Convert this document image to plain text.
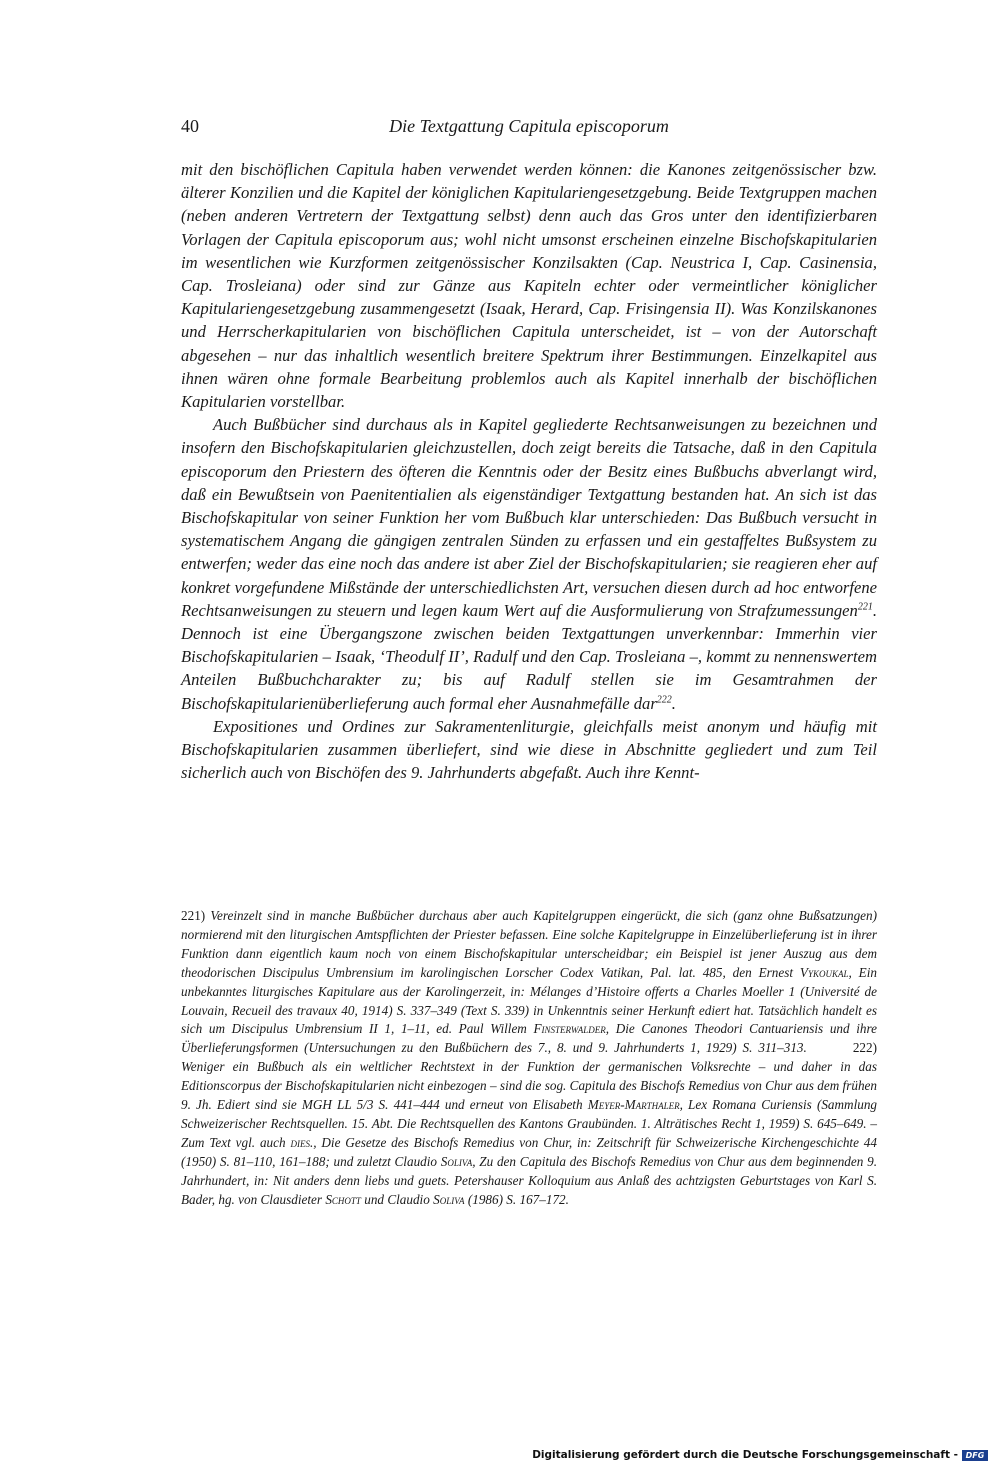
40	Die Textgattung Capitula episcoporum

mit den bischöflichen Capitula haben verwendet werden können: die Kanones zeitgenössischer bzw. älterer Konzilien und die Kapitel der königlichen Kapitulariengesetzgebung. Beide Textgruppen machen (neben anderen Vertretern der Textgattung selbst) denn auch das Gros unter den identifizierbaren Vorlagen der Capitula episcoporum aus; wohl nicht umsonst erscheinen einzelne Bischofskapitularien im wesentlichen wie Kurzformen zeitgenössischer Konzilsakten (Cap. Neustrica I, Cap. Casinensia, Cap. Trosleiana) oder sind zur Gänze aus Kapiteln echter oder vermeintlicher königlicher Kapitulariengesetzgebung zusammengesetzt (Isaak, Herard, Cap. Frisingensia II). Was Konzilskanones und Herrscherkapitularien von bischöflichen Capitula unterscheidet, ist – von der Autorschaft abgesehen – nur das inhaltlich wesentlich breitere Spektrum ihrer Bestimmungen. Einzelkapitel aus ihnen wären ohne formale Bearbeitung problemlos auch als Kapitel innerhalb der bischöflichen Kapitularien vorstellbar.

Auch Bußbücher sind durchaus als in Kapitel gegliederte Rechtsanweisungen zu bezeichnen und insofern den Bischofskapitularien gleichzustellen, doch zeigt bereits die Tatsache, daß in den Capitula episcoporum den Priestern des öfteren die Kenntnis oder der Besitz eines Bußbuchs abverlangt wird, daß ein Bewußtsein von Paenitentialien als eigenständiger Textgattung bestanden hat. An sich ist das Bischofskapitular von seiner Funktion her vom Bußbuch klar unterschieden: Das Bußbuch versucht in systematischem Angang die gängigen zentralen Sünden zu erfassen und ein gestaffeltes Bußsystem zu entwerfen; weder das eine noch das andere ist aber Ziel der Bischofskapitularien; sie reagieren eher auf konkret vorgefundene Mißstände der unterschiedlichsten Art, versuchen diesen durch ad hoc entworfene Rechtsanweisungen zu steuern und legen kaum Wert auf die Ausformulierung von Strafzumessungen$^{221}$. Dennoch ist eine Übergangszone zwischen beiden Textgattungen unverkennbar: Immerhin vier Bischofskapitularien – Isaak, ‘Theodulf II’, Radulf und den Cap. Trosleiana –, kommt zu nennenswertem Anteilen Bußbuchcharakter zu; bis auf Radulf stellen sie im Gesamtrahmen der Bischofskapitularienüberlieferung auch formal eher Ausnahmefälle dar$^{222}$.

Expositiones und Ordines zur Sakramentenliturgie, gleichfalls meist anonym und häufig mit Bischofskapitularien zusammen überliefert, sind wie diese in Abschnitte gegliedert und zum Teil sicherlich auch von Bischöfen des 9. Jahrhunderts abgefaßt. Auch ihre Kennt-

221) Vereinzelt sind in manche Bußbücher durchaus aber auch Kapitelgruppen eingerückt, die sich (ganz ohne Bußsatzungen) normierend mit den liturgischen Amtspflichten der Priester befassen. Eine solche Kapitelgruppe in Einzelüberlieferung ist in ihrer Funktion dann eigentlich kaum noch von einem Bischofskapitular unterscheidbar; ein Beispiel ist jener Auszug aus dem theodorischen Discipulus Umbrensium im karolingischen Lorscher Codex Vatikan, Pal. lat. 485, den Ernest Vykoukal, Ein unbekanntes liturgisches Kapitulare aus der Karolingerzeit, in: Mélanges d’Histoire offerts a Charles Moeller 1 (Université de Louvain, Recueil des travaux 40, 1914) S. 337–349 (Text S. 339) in Unkenntnis seiner Herkunft ediert hat. Tatsächlich handelt es sich um Discipulus Umbrensium II 1, 1–11, ed. Paul Willem Finsterwalder, Die Canones Theodori Cantuariensis und ihre Überlieferungsformen (Untersuchungen zu den Bußbüchern des 7., 8. und 9. Jahrhunderts 1, 1929) S. 311–313.	222) Weniger ein Bußbuch als ein weltlicher Rechtstext in der Funktion der germanischen Volksrechte – und daher in das Editionscorpus der Bischofskapitularien nicht einbezogen – sind die sog. Capitula des Bischofs Remedius von Chur aus dem frühen 9. Jh. Ediert sind sie MGH LL 5/3 S. 441–444 und erneut von Elisabeth Meyer-Marthaler, Lex Romana Curiensis (Sammlung Schweizerischer Rechtsquellen. 15. Abt. Die Rechtsquellen des Kantons Graubünden. 1. Alträtisches Recht 1, 1959) S. 645–649. – Zum Text vgl. auch dies., Die Gesetze des Bischofs Remedius von Chur, in: Zeitschrift für Schweizerische Kirchengeschichte 44 (1950) S. 81–110, 161–188; und zuletzt Claudio Soliva, Zu den Capitula des Bischofs Remedius von Chur aus dem beginnenden 9. Jahrhundert, in: Nit anders denn liebs und guets. Petershauser Kolloquium aus Anlaß des achtzigsten Geburtstages von Karl S. Bader, hg. von Clausdieter Schott und Claudio Soliva (1986) S. 167–172.

Digitalisierung gefördert durch die Deutsche Forschungsgemeinschaft - DFG
